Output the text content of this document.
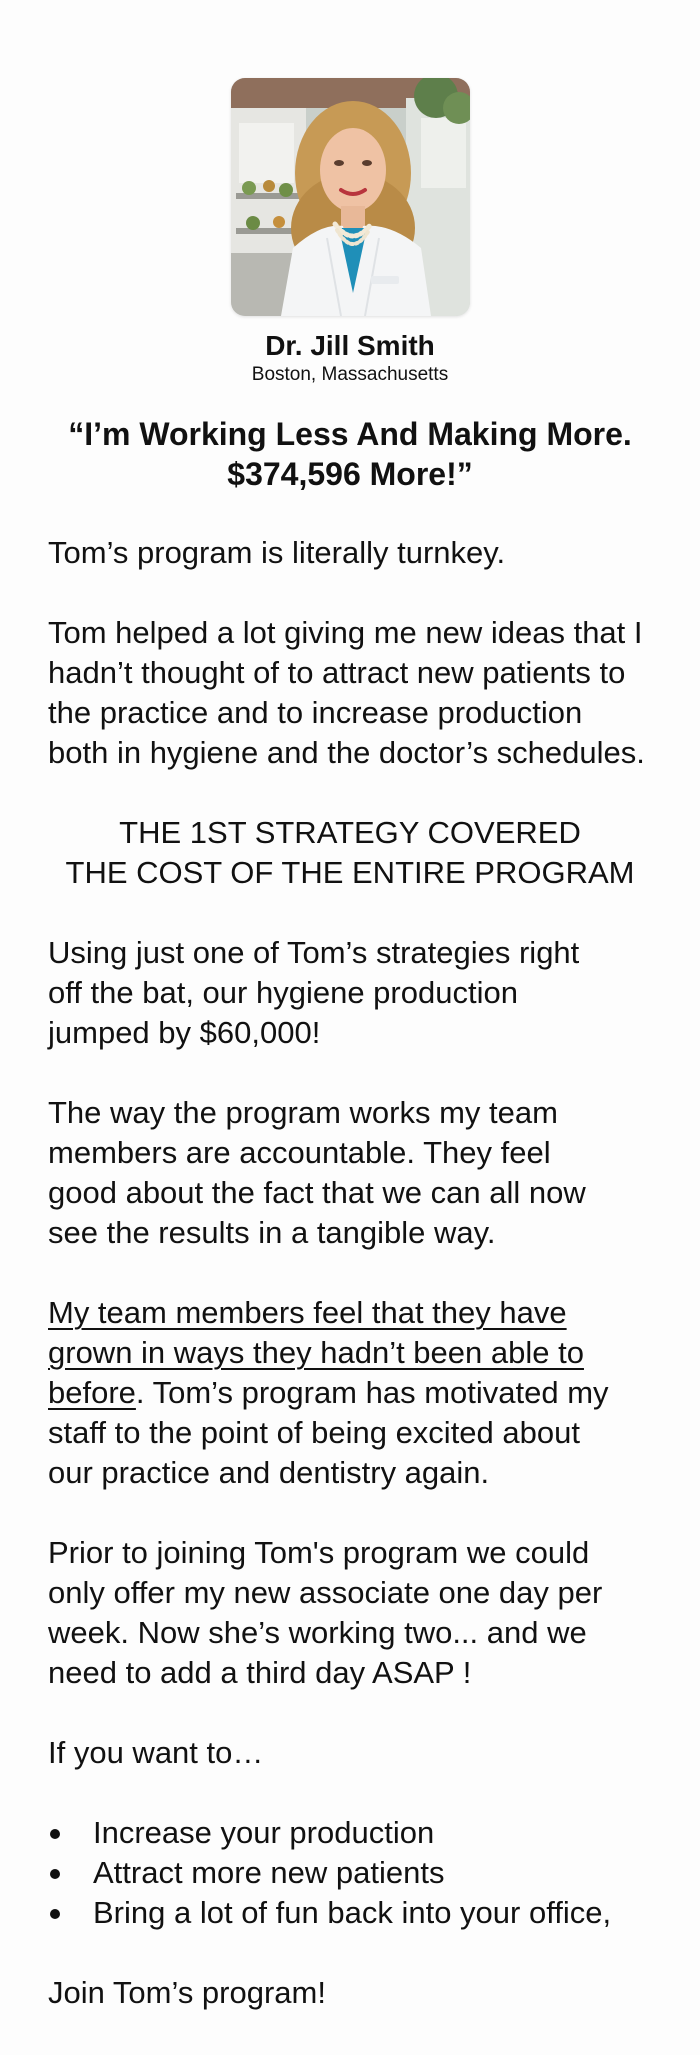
Dr. Jill Smith
Boston, Massachusetts
“I’m Working Less And Making More.
$374,596 More!”

Tom’s program is literally turnkey.

Tom helped a lot giving me new ideas that I
hadn’t thought of to attract new patients to
the practice and to increase production
both in hygiene and the doctor’s schedules.

THE 1ST STRATEGY COVERED
THE COST OF THE ENTIRE PROGRAM

Using just one of Tom’s strategies right
off the bat, our hygiene production
jumped by $60,000!

The way the program works my team
members are accountable. They feel
good about the fact that we can all now
see the results in a tangible way.

My team members feel that they have
grown in ways they hadn’t been able to
before. Tom’s program has motivated my
staff to the point of being excited about
our practice and dentistry again.

Prior to joining Tom's program we could
only offer my new associate one day per
week. Now she’s working two... and we
need to add a third day ASAP !

If you want to…

Increase your production
Attract more new patients
Bring a lot of fun back into your office,

Join Tom’s program!
